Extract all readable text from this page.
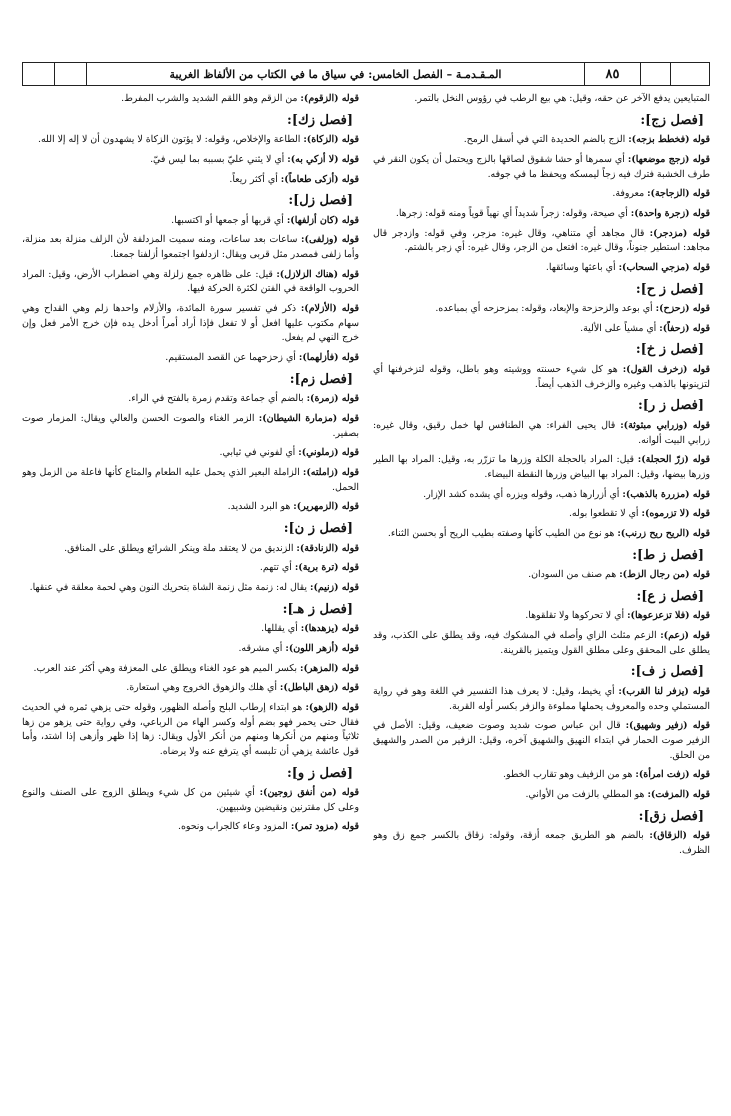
المـقـدمـة – الفصل الخامس: في سياق ما في الكتاب من الألفاظ الغريبة	٨٥

المتبايعين يدفع الآخر عن حقه، وقيل: هي بيع الرطب في رؤوس النخل بالتمر.

[فصل زج]:

قوله (فخطط بزجه): الزج بالضم الحديدة التي في أسفل الرمح.

قوله (زجج موضعها): أي سمرها أو حشا شقوق لصاقها بالزج ويحتمل أن يكون النقر في طرف الخشبة فترك فيه زجاً ليمسكه ويحفظ ما في جوفه.

قوله (الزجاجة): معروفة.

قوله (زجرة واحدة): أي صيحة، وقوله: زجراً شديداً أي نهياً قوياً ومنه قوله: زجرها.

قوله (مزدجر): قال مجاهد أي متناهي، وقال غيره: مزجر، وفي قوله: وازدجر قال مجاهد: استطير جنوناً، وقال غيره: افتعل من الزجر، وقال غيره: أي زجر بالشتم.

قوله (مزجي السحاب): أي باعثها وسائقها.

[فصل ز ح]:

قوله (زحزح): أي بوعد والزحزحة والإبعاد، وقوله: بمزحزحه أي بمباعده.

قوله (زحفاً): أي مشياً على الألية.

[فصل ز خ]:

قوله (زخرف القول): هو كل شيء حسنته ووشيته وهو باطل، وقوله لتزخرفنها أي لتزينونها بالذهب وغيره والزخرف الذهب أيضاً.

[فصل ز ر]:

قوله (وزرابي مبثوثة): قال يحيى الفراء: هي الطنافس لها خمل رقيق، وقال غيره: زرابي البيت ألوانه.

قوله (زرّ الحجلة): قيل: المراد بالحجلة الكلة وزرها ما تزرّر به، وقيل: المراد بها الطير وزرها بيضها، وقيل: المراد بها البياض وزرها النقطة البيضاء.

قوله (مزررة بالذهب): أي أزرارها ذهب، وقوله ويزره أي يشده كشد الإزار.

قوله (لا تزرموه): أي لا تقطعوا بوله.

قوله (الريح ريح زرنب): هو نوع من الطيب كأنها وصفته بطيب الريح أو بحسن الثناء.

[فصل ز ط]:

قوله (من رجال الزط): هم صنف من السودان.

[فصل ز ع]:

قوله (فلا تزعزعوها): أي لا تحركوها ولا تقلقوها.

قوله (زعم): الزعم مثلث الزاي وأصله في المشكوك فيه، وقد يطلق على الكذب، وقد يطلق على المحقق وعلى مطلق القول ويتميز بالقرينة.

[فصل ز ف]:

قوله (يزفر لنا القرب): أي يخيط، وقيل: لا يعرف هذا التفسير في اللغة وهو في رواية المستملي وحده والمعروف يحملها مملوءة والزفر بكسر أوله القربة.

قوله (زفير وشهيق): قال ابن عباس صوت شديد وصوت ضعيف، وقيل: الأصل في الزفير صوت الحمار في ابتداء النهيق والشهيق آخره، وقيل: الزفير من الصدر والشهيق من الحلق.

قوله (زفت امرأة): هو من الزفيف وهو تقارب الخطو.

قوله (المزفت): هو المطلي بالزفت من الأواني.

[فصل زق]:

قوله (الزقاق): بالضم هو الطريق جمعه أزقة، وقوله: زقاق بالكسر جمع زق وهو الظرف.

قوله (الزقوم): من الزقم وهو اللقم الشديد والشرب المفرط.

[فصل زك]:

قوله (الزكاة): الطاعة والإخلاص، وقوله: لا يؤتون الزكاة لا يشهدون أن لا إله إلا الله.

قوله (لا أزكي به): أي لا يثني عليّ بسببه بما ليس فيّ.

قوله (أزكى طعاماً): أي أكثر ريعاً.

[فصل زل]:

قوله (كان أزلفها): أي قربها أو جمعها أو اكتسبها.

قوله (وزلفى): ساعات بعد ساعات، ومنه سميت المزدلفة لأن الزلف منزلة بعد منزلة، وأما زلفى فمصدر مثل قربى ويقال: ازدلفوا اجتمعوا أزلفنا جمعنا.

قوله (هناك الزلازل): قيل: على ظاهره جمع زلزلة وهي اضطراب الأرض، وقيل: المراد الحروب الواقعة في الفتن لكثرة الحركة فيها.

قوله (الأزلام): ذكر في تفسير سورة المائدة، والأزلام واحدها زلم وهي القداح وهي سهام مكتوب عليها افعل أو لا تفعل فإذا أراد أمراً أدخل يده فإن خرج الأمر فعل وإن خرج النهي لم يفعل.

قوله (فأزلهما): أي زحزحهما عن القصد المستقيم.

[فصل زم]:

قوله (زمرة): بالضم أي جماعة وتقدم زمرة بالفتح في الراء.

قوله (مزمارة الشيطان): الزمر الغناء والصوت الحسن والعالي ويقال: المزمار صوت بصفير.

قوله (زملوني): أي لفوني في ثيابي.

قوله (زاملته): الزاملة البعير الذي يحمل عليه الطعام والمتاع كأنها فاعلة من الزمل وهو الحمل.

قوله (الزمهرير): هو البرد الشديد.

[فصل ز ن]:

قوله (الزنادقة): الزنديق من لا يعتقد ملة وينكر الشرائع ويطلق على المنافق.

قوله (ترة برية): أي تتهم.

قوله (زنيم): يقال له: زنمة مثل زنمة الشاة بتحريك النون وهي لحمة معلقة في عنقها.

[فصل ز هـ]:

قوله (يزهدها): أي يقللها.

قوله (أزهر اللون): أي مشرقه.

قوله (المزهر): بكسر الميم هو عود الغناء ويطلق على المعزفة وهي أكثر عند العرب.

قوله (زهق الباطل): أي هلك والزهوق الخروج وهي استعارة.

قوله (الزهو): هو ابتداء إرطاب البلح وأصله الظهور، وقوله حتى يزهي ثمره في الحديث فقال حتى يحمر فهو بضم أوله وكسر الهاء من الرباعي، وفي رواية حتى يزهو من زها ثلاثياً ومنهم من أنكرها ومنهم من أنكر الأول ويقال: زها إذا ظهر وأزهى إذا اشتد، وأما قول عائشة يزهي أن تلبسه أي يترفع عنه ولا يرضاه.

[فصل ز و]:

قوله (من أنفق زوجين): أي شيئين من كل شيء ويطلق الزوج على الصنف والنوع وعلى كل مقترنين ونقيضين وشبيهين.

قوله (مزود تمر): المزود وعاء كالجراب ونحوه.
